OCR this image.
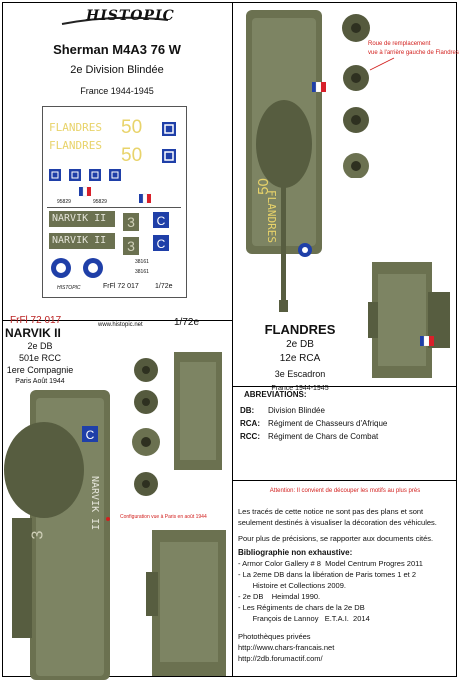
HISTOPIC
Sherman M4A3 76 W
2e Division Blindée
France 1944-1945
FLANDRES
FLANDRES
50
50
95829	95829
NARVIK II
NARVIK II
3
3
C
C
38161
38161
HISTOPIC	FrFl 72 017 1/72e
FrFl 72 017	www.histopic.net	1/72e
50
FLANDRES
Roue de remplacement
vue à l'arrière gauche de Flandres
FLANDRES
2e DB
12e RCA
3e Escadron
France 1944-1945
NARVIK II
2e DB
501e RCC
1ere Compagnie
Paris Août 1944
C
NARVIK II
3
Configuration vue à Paris en août 1944
ABREVIATIONS:
DB: Division Blindée
RCA: Régiment de Chasseurs d'Afrique
RCC: Régiment de Chars de Combat
Attention: Il convient de découper les motifs au plus près
Les tracés de cette notice ne sont pas des plans et sont seulement destinés à visualiser la décoration des véhicules.
Pour plus de précisions, se rapporter aux documents cités.
Bibliographie non exhaustive:
- Armor Color Gallery # 8  Model Centrum Progres 2011
- La 2eme DB dans la libération de Paris tomes 1 et 2
Histoire et Collections 2009.
- 2e DB    Heimdal 1990.
- Les Régiments de chars de la 2e DB
François de Lannoy   E.T.A.I.  2014
Photothèques privées
http://www.chars-francais.net
http://2db.forumactif.com/
